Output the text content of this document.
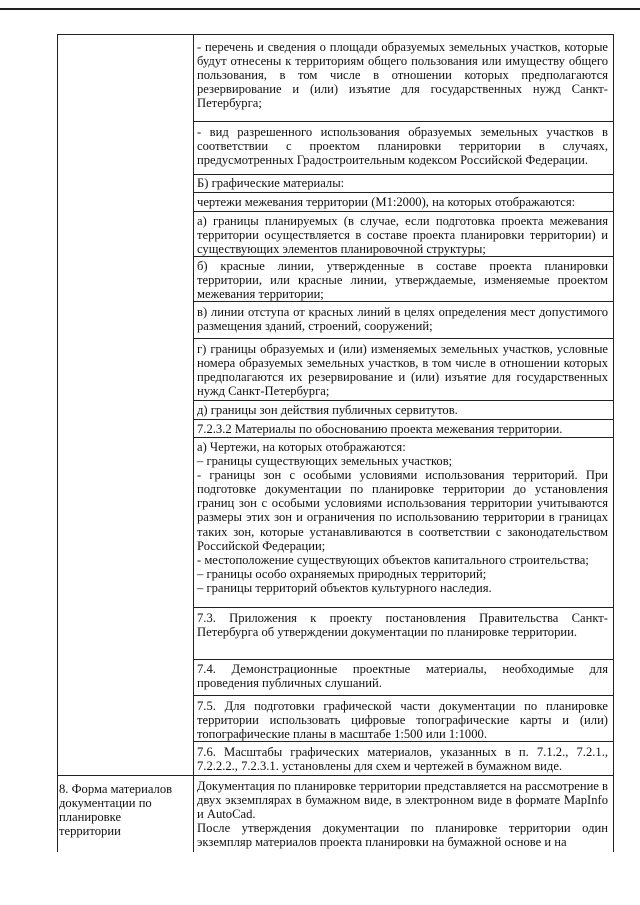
- перечень и сведения о площади образуемых земельных участков, которые будут отнесены к территориям общего пользования или имуществу общего пользования, в том числе в отношении которых предполагаются резервирование и (или) изъятие для государственных нужд Санкт-Петербурга;

- вид разрешенного использования образуемых земельных участков в соответствии с проектом планировки территории в случаях, предусмотренных Градостроительным кодексом Российской Федерации.

Б) графические материалы:

чертежи межевания территории (М1:2000), на которых отображаются:

а) границы планируемых (в случае, если подготовка проекта межевания территории осуществляется в составе проекта планировки территории) и существующих элементов планировочной структуры;

б) красные линии, утвержденные в составе проекта планировки территории, или красные линии, утверждаемые, изменяемые проектом межевания территории;

в) линии отступа от красных линий в целях определения мест допустимого размещения зданий, строений, сооружений;

г) границы образуемых и (или) изменяемых земельных участков, условные номера образуемых земельных участков, в том числе в отношении которых предполагаются их резервирование и (или) изъятие для государственных нужд Санкт-Петербурга;

д) границы зон действия публичных сервитутов.

7.2.3.2 Материалы по обоснованию проекта межевания территории.

а) Чертежи, на которых отображаются:

– границы существующих земельных участков;

- границы зон с особыми условиями использования территорий. При подготовке документации по планировке территории до установления границ зон с особыми условиями использования территории учитываются размеры этих зон и ограничения по использованию территории в границах таких зон, которые устанавливаются в соответствии с законодательством Российской Федерации;

- местоположение существующих объектов капитального строительства;

– границы особо охраняемых природных территорий;

– границы территорий объектов культурного наследия.

7.3. Приложения к проекту постановления Правительства Санкт-Петербурга об утверждении документации по планировке территории.

7.4. Демонстрационные проектные материалы, необходимые для проведения публичных слушаний.

7.5. Для подготовки графической части документации по планировке территории использовать цифровые топографические карты и (или) топографические планы в масштабе 1:500 или 1:1000.

7.6. Масштабы графических материалов, указанных в п. 7.1.2., 7.2.1., 7.2.2.2., 7.2.3.1. установлены для схем и чертежей в бумажном виде.

8. Форма материалов

документации по

планировке

территории

Документация по планировке территории представляется на рассмотрение в двух экземплярах в бумажном виде, в электронном виде в формате MapInfo и AutoCad.

После утверждения документации по планировке территории один экземпляр материалов проекта планировки на бумажной основе и на
